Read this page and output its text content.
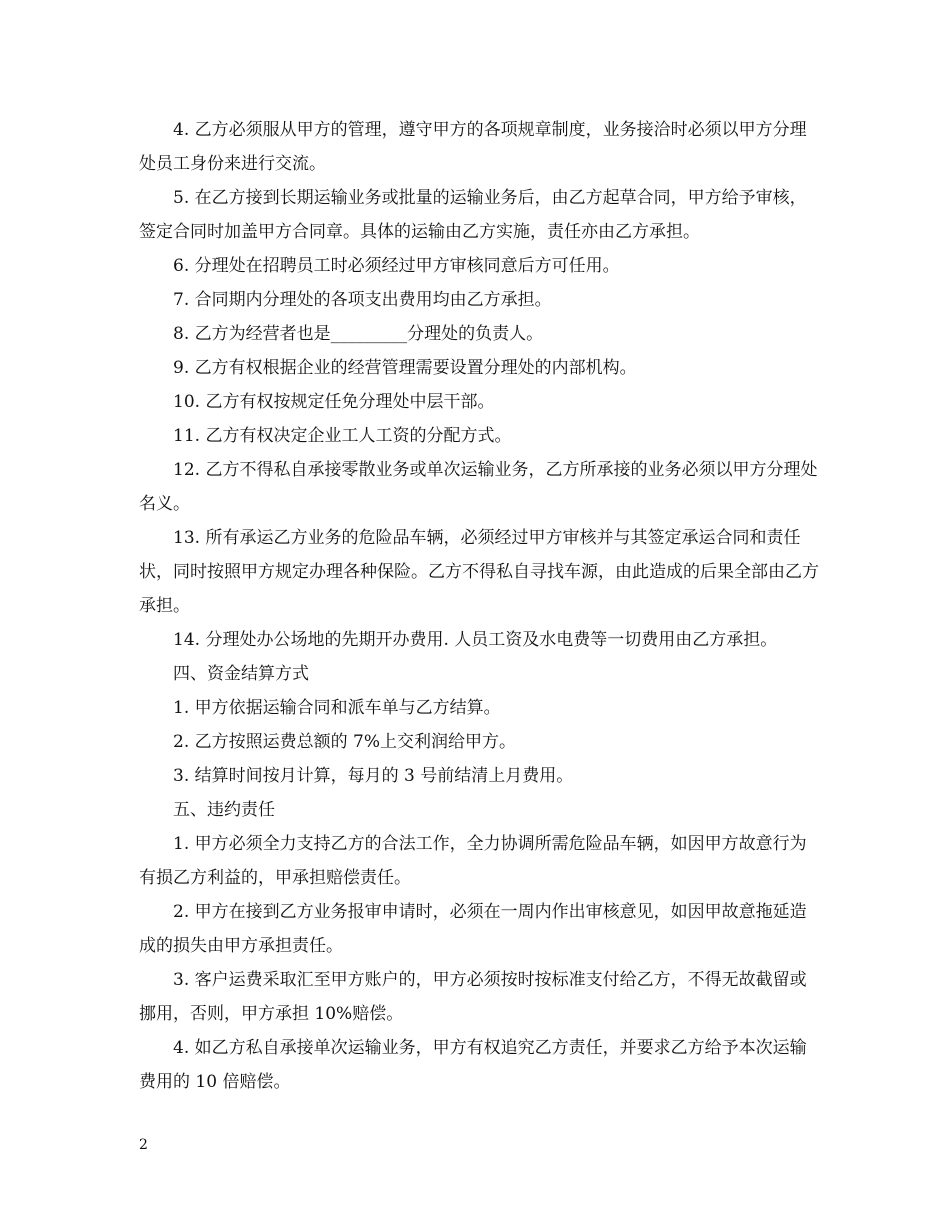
4. 乙方必须服从甲方的管理，遵守甲方的各项规章制度，业务接洽时必须以甲方分理处员工身份来进行交流。

5. 在乙方接到长期运输业务或批量的运输业务后，由乙方起草合同，甲方给予审核，签定合同时加盖甲方合同章。具体的运输由乙方实施，责任亦由乙方承担。

6. 分理处在招聘员工时必须经过甲方审核同意后方可任用。

7. 合同期内分理处的各项支出费用均由乙方承担。

8. 乙方为经营者也是_________分理处的负责人。

9. 乙方有权根据企业的经营管理需要设置分理处的内部机构。

10. 乙方有权按规定任免分理处中层干部。

11. 乙方有权决定企业工人工资的分配方式。

12. 乙方不得私自承接零散业务或单次运输业务，乙方所承接的业务必须以甲方分理处名义。

13. 所有承运乙方业务的危险品车辆，必须经过甲方审核并与其签定承运合同和责任状，同时按照甲方规定办理各种保险。乙方不得私自寻找车源，由此造成的后果全部由乙方承担。

14. 分理处办公场地的先期开办费用. 人员工资及水电费等一切费用由乙方承担。

四、资金结算方式

1. 甲方依据运输合同和派车单与乙方结算。

2. 乙方按照运费总额的 7%上交利润给甲方。

3. 结算时间按月计算，每月的 3 号前结清上月费用。

五、违约责任

1. 甲方必须全力支持乙方的合法工作，全力协调所需危险品车辆，如因甲方故意行为有损乙方利益的，甲承担赔偿责任。

2. 甲方在接到乙方业务报审申请时，必须在一周内作出审核意见，如因甲故意拖延造成的损失由甲方承担责任。

3. 客户运费采取汇至甲方账户的，甲方必须按时按标准支付给乙方，不得无故截留或挪用，否则，甲方承担 10%赔偿。

4. 如乙方私自承接单次运输业务，甲方有权追究乙方责任，并要求乙方给予本次运输费用的 10 倍赔偿。

2
